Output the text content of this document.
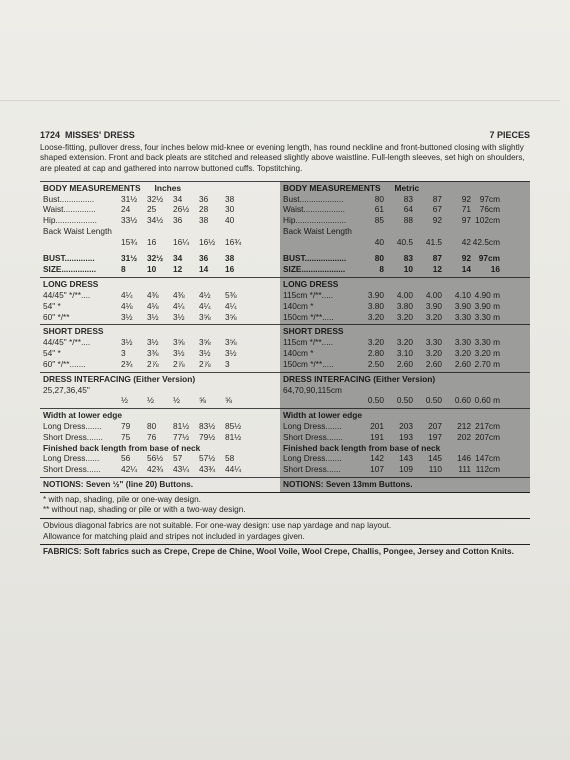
1724 MISSES' DRESS	7 PIECES
Loose-fitting, pullover dress, four inches below mid-knee or evening length, has round neckline and front-buttoned closing with slightly shaped extension. Front and back pleats are stitched and released slightly above waistline. Full-length sleeves, set high on shoulders, are pleated at cap and gathered into narrow buttoned cuffs. Topstitching.
BODY MEASUREMENTS Inches
Bust...............	31½	32½	34	36	38
Waist..............	24	25	26½	28	30
Hip..................	33½	34½	36	38	40
Back Waist Length
15¾	16	16¼	16½	16¾
BUST.............	31½	32½	34	36	38
SIZE...............	8	10	12	14	16
LONG DRESS
44/45" */**....	4¼	4⅜	4⅜	4½	5⅜
54" *	4⅛	4⅛	4¼	4¼	4¼
60" */**	3½	3½	3½	3⅝	3⅝
SHORT DRESS
44/45" */**....	3½	3½	3⅝	3⅝	3⅝
54" *	3	3⅜	3½	3½	3½
60" */**.......	2¾	2⅞	2⅞	2⅞	3
DRESS INTERFACING (Either Version)
25,27,36,45"
½	½	½	⅝	⅝
Width at lower edge
Long Dress.......	79	80	81½	83½	85½
Short Dress.......	75	76	77½	79½	81½
Finished back length from base of neck
Long Dress......	56	56½	57	57½	58
Short Dress......	42¼	42¾	43¼	43¾	44¼
NOTIONS: Seven ½" (line 20) Buttons.
BODY MEASUREMENTS Metric
Bust...................	80	83	87	92	97cm
Waist..................	61	64	67	71	76cm
Hip......................	85	88	92	97 102cm
Back Waist Length
40	40.5	41.5	42 42.5cm
BUST..................	80	83	87	92 97cm
SIZE...................	8	10	12	14	16
LONG DRESS
115cm */**.....	3.90	4.00	4.00	4.10 4.90 m
140cm *	3.80	3.80	3.90	3.90 3.90 m
150cm */**.....	3.20	3.20	3.20	3.30 3.30 m
SHORT DRESS
115cm */**.....	3.20	3.20	3.30	3.30 3.30 m
140cm *	2.80	3.10	3.20	3.20 3.20 m
150cm */**.....	2.50	2.60	2.60	2.60 2.70 m
DRESS INTERFACING (Either Version)
64,70,90,115cm
0.50	0.50	0.50	0.60 0.60 m
Width at lower edge
Long Dress.......	201	203	207	212 217cm
Short Dress.......	191	193	197	202 207cm
Finished back length from base of neck
Long Dress.......	142	143	145	146 147cm
Short Dress......	107	109	110	111 112cm
NOTIONS: Seven 13mm Buttons.
* with nap, shading, pile or one-way design.
** without nap, shading or pile or with a two-way design.
Obvious diagonal fabrics are not suitable. For one-way design: use nap yardage and nap layout.
Allowance for matching plaid and stripes not included in yardages given.
FABRICS: Soft fabrics such as Crepe, Crepe de Chine, Wool Voile, Wool Crepe, Challis, Pongee, Jersey and Cotton Knits.
